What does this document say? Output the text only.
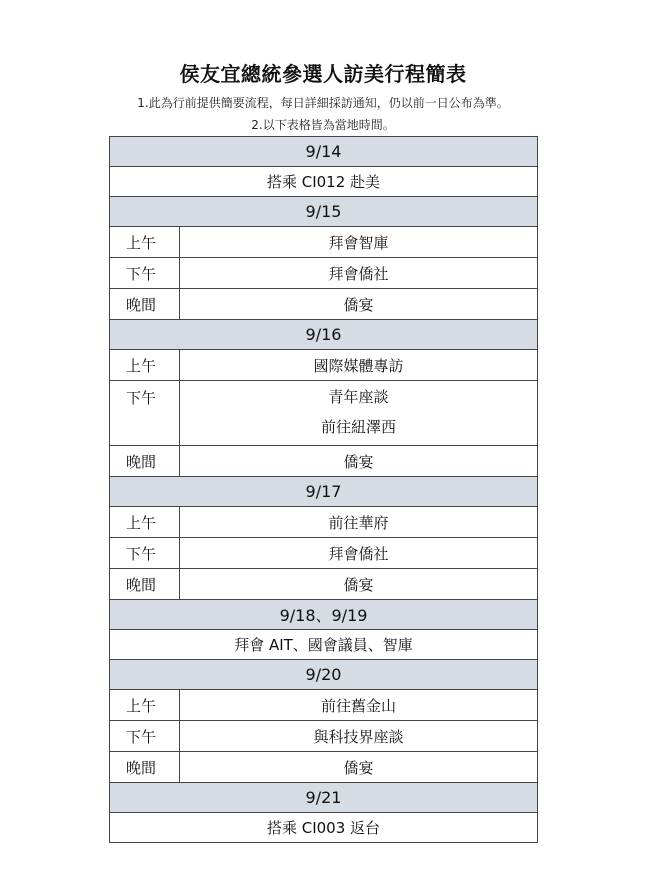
侯友宜總統參選人訪美行程簡表
1.此為行前提供簡要流程，每日詳細採訪通知，仍以前一日公布為準。
2.以下表格皆為當地時間。
9/14	
搭乘 CI012 赴美	
9/15	
上午	拜會智庫
下午	拜會僑社
晚間	僑宴
9/16	
上午	國際媒體專訪
下午	青年座談
前往紐澤西

晚間	僑宴
9/17	
上午	前往華府
下午	拜會僑社
晚間	僑宴
9/18、9/19	
拜會 AIT、國會議員、智庫	
9/20	
上午	前往舊金山
下午	與科技界座談
晚間	僑宴
9/21	
搭乘 CI003 返台	
